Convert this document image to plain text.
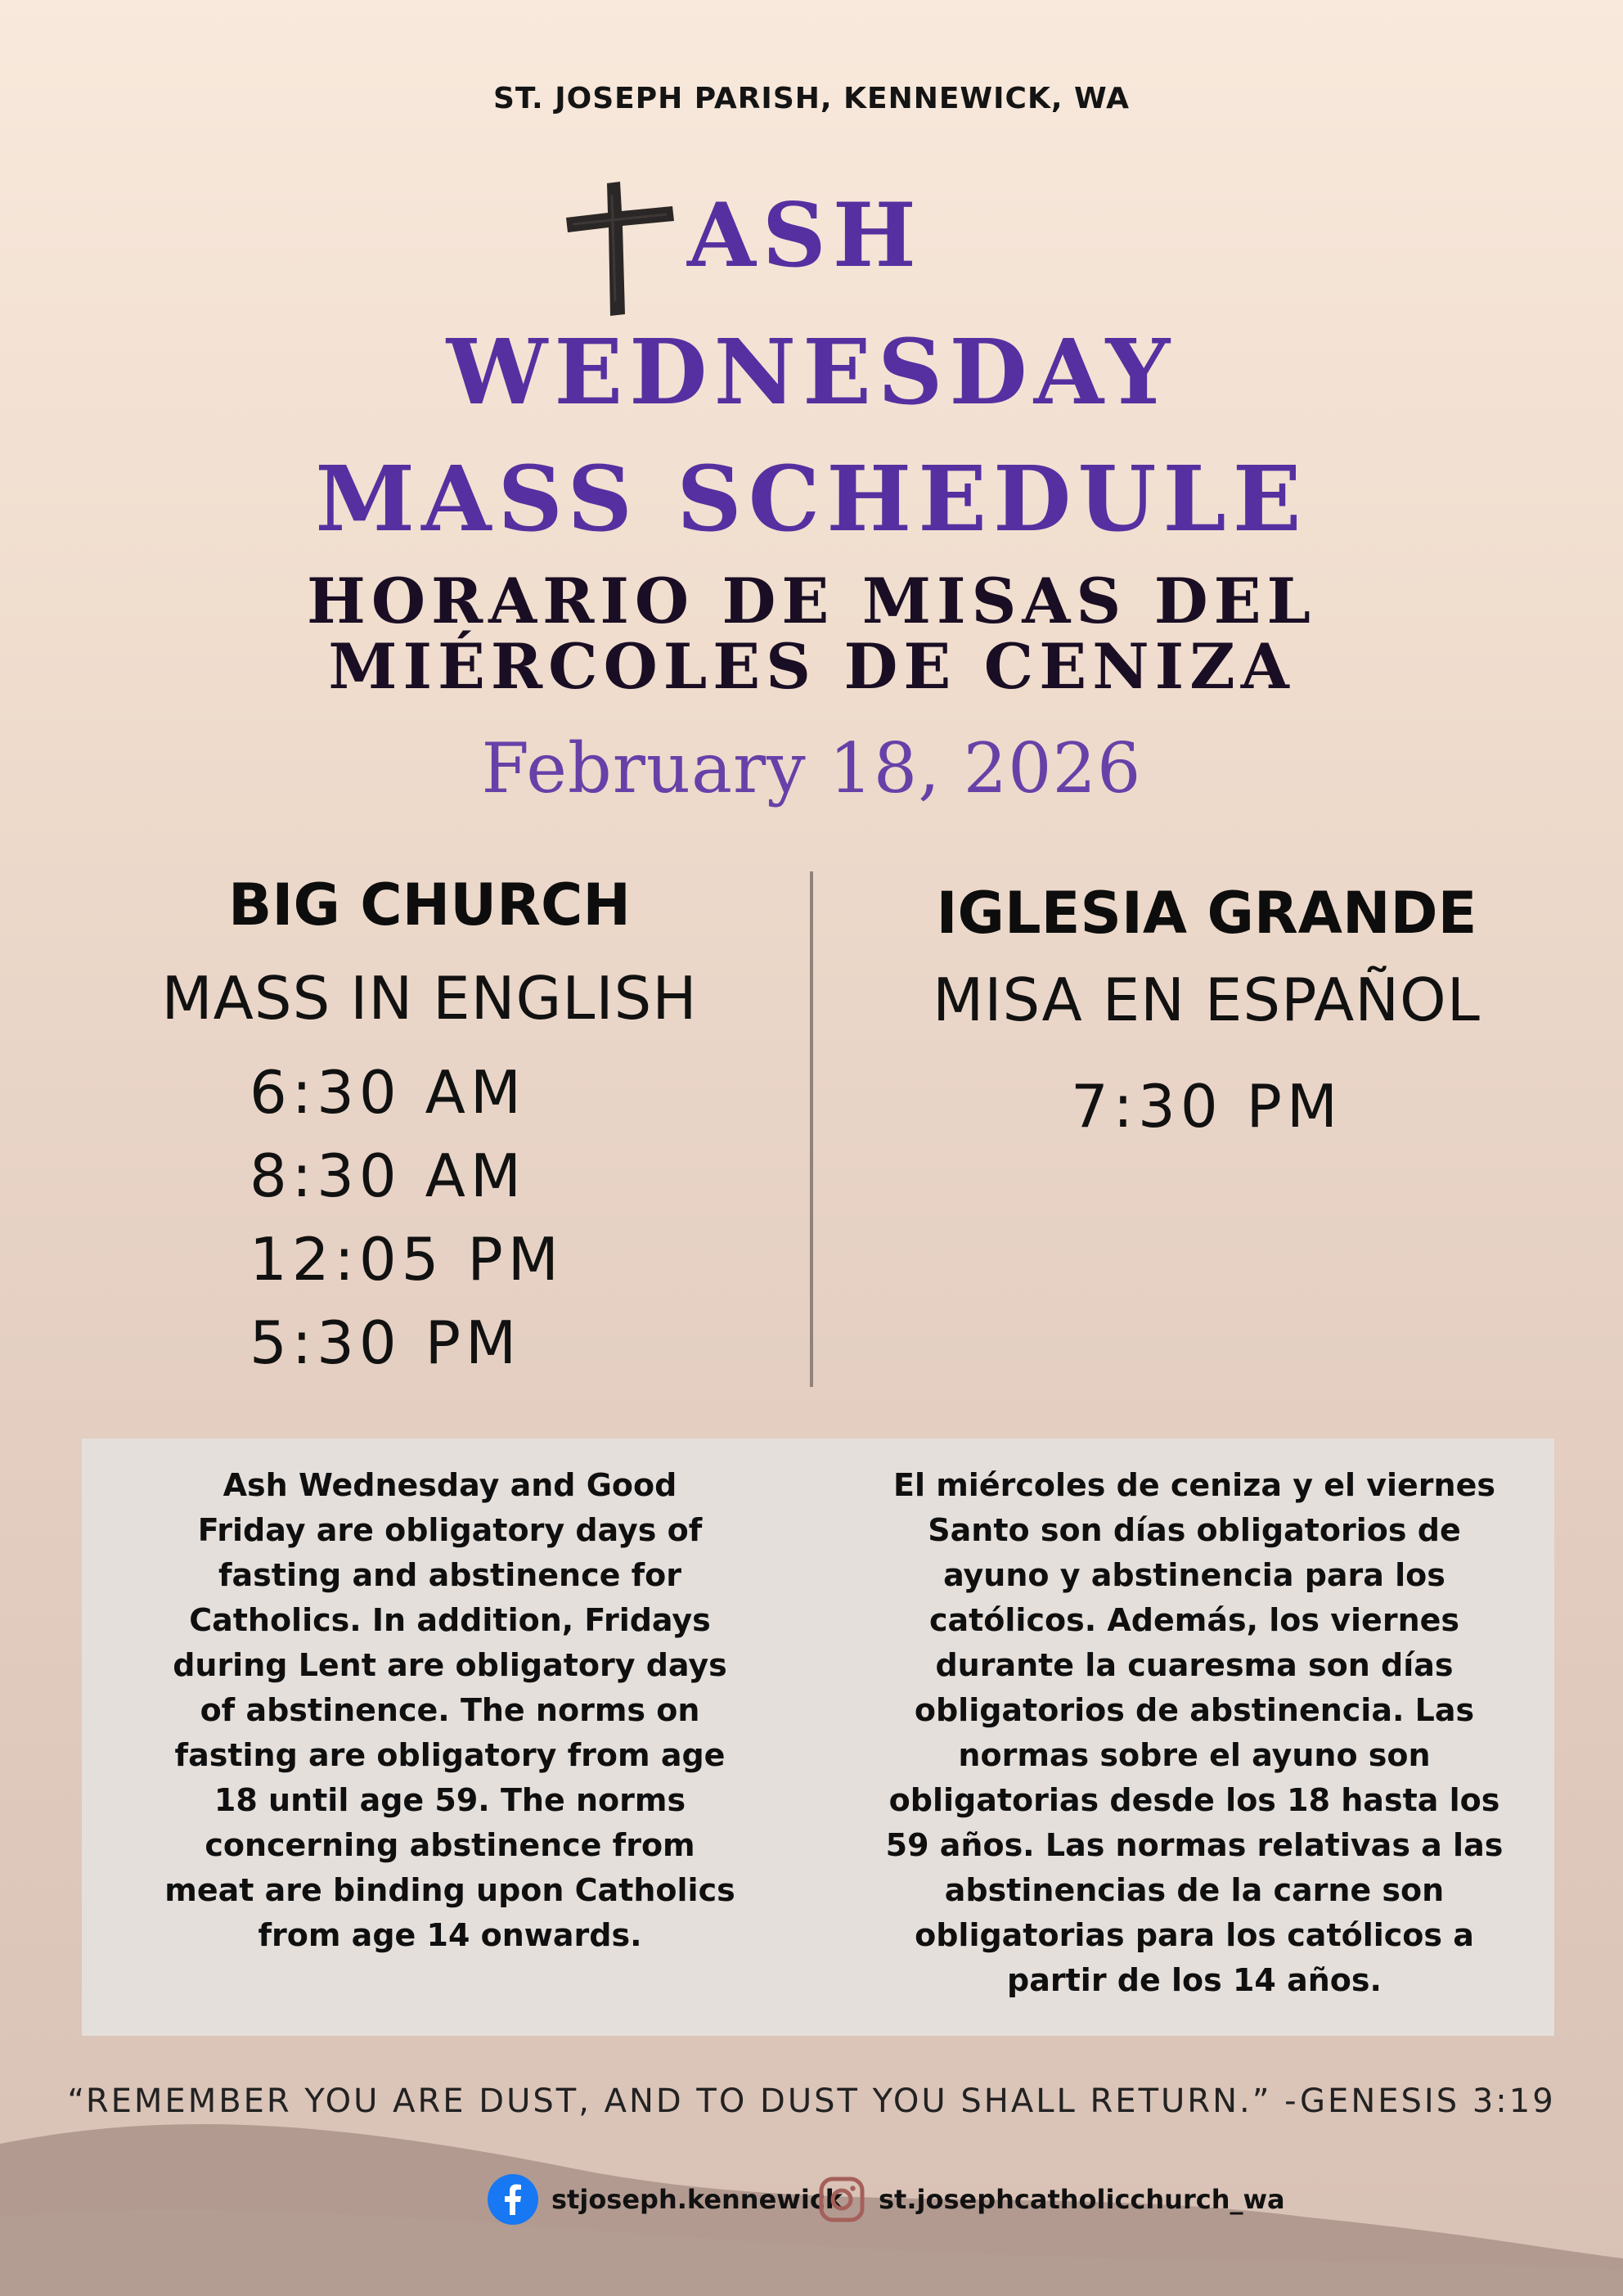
ST. JOSEPH PARISH, KENNEWICK, WA
ASH
WEDNESDAY
MASS SCHEDULE
HORARIO DE MISAS DEL
MIÉRCOLES DE CENIZA
February 18, 2026
BIG CHURCH
MASS IN ENGLISH
6:30 AM
8:30 AM
12:05 PM
5:30 PM
IGLESIA GRANDE
MISA EN ESPAÑOL
7:30 PM
Ash Wednesday and Good
Friday are obligatory days of
fasting and abstinence for
Catholics. In addition, Fridays
during Lent are obligatory days
of abstinence. The norms on
fasting are obligatory from age
18 until age 59. The norms
concerning abstinence from
meat are binding upon Catholics
from age 14 onwards.
El miércoles de ceniza y el viernes
Santo son días obligatorios de
ayuno y abstinencia para los
católicos. Además, los viernes
durante la cuaresma son días
obligatorios de abstinencia. Las
normas sobre el ayuno son
obligatorias desde los 18 hasta los
59 años. Las normas relativas a las
abstinencias de la carne son
obligatorias para los católicos a
partir de los 14 años.
“REMEMBER YOU ARE DUST, AND TO DUST YOU SHALL RETURN.” -GENESIS 3:19
stjoseph.kennewick st.josephcatholicchurch_wa
